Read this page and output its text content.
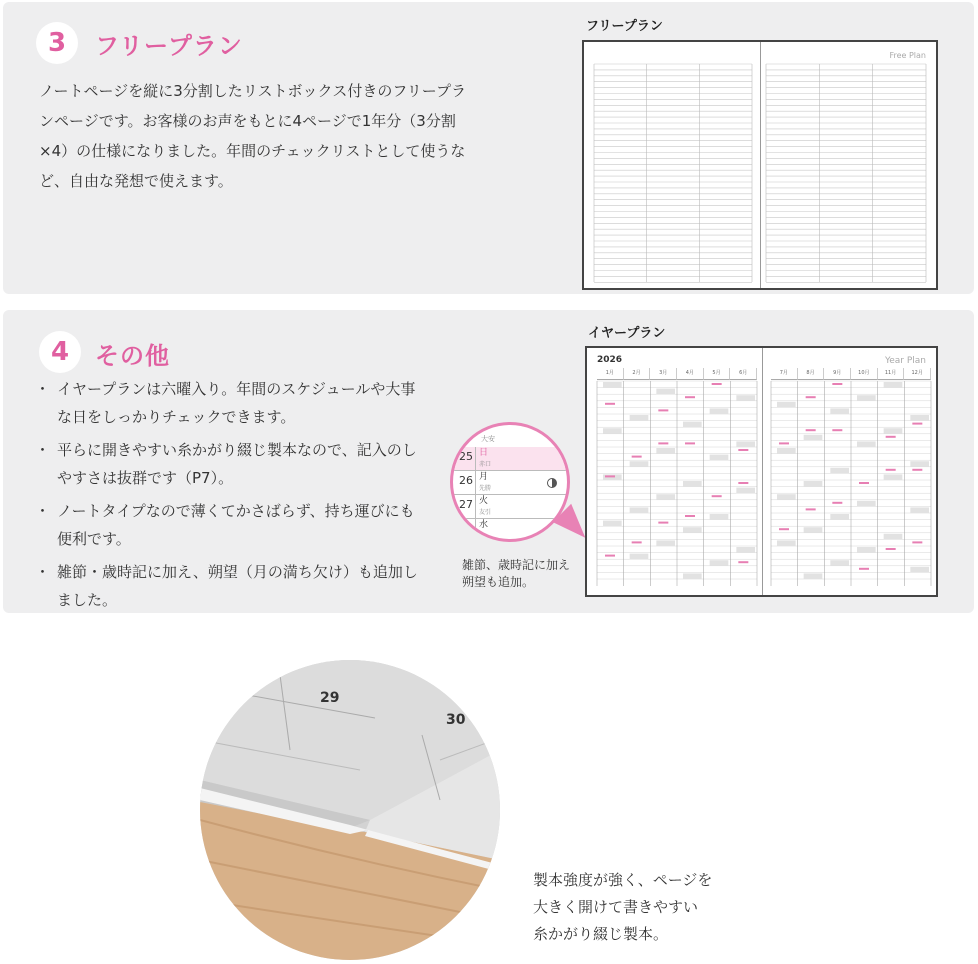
3	フリープラン
ノートページを縦に3分割したリストボックス付きのフリープラ
ンページです。お客様のお声をもとに4ページで1年分（3分割
×4）の仕様になりました。年間のチェックリストとして使うな
ど、自由な発想で使えます。
フリープラン
Free Plan
4	その他
・ イヤープランは六曜入り。年間のスケジュールや大事
な日をしっかりチェックできます。
・ 平らに開きやすい糸かがり綴じ製本なので、記入のし
やすさは抜群です（P7）。
・ ノートタイプなので薄くてかさばらず、持ち運びにも
便利です。
・ 雑節・歳時記に加え、朔望（月の満ち欠け）も追加し
ました。
大安
25 日
赤口
26 月
先勝
27 火
友引
水
雑節、歳時記に加え
朔望も追加。
イヤープラン
2026	Year Plan
1月	2月	3月	4月	5月	6月	7月	8月	9月	10月	11月	12月
29
30
製本強度が強く、ページを
大きく開けて書きやすい
糸かがり綴じ製本。
